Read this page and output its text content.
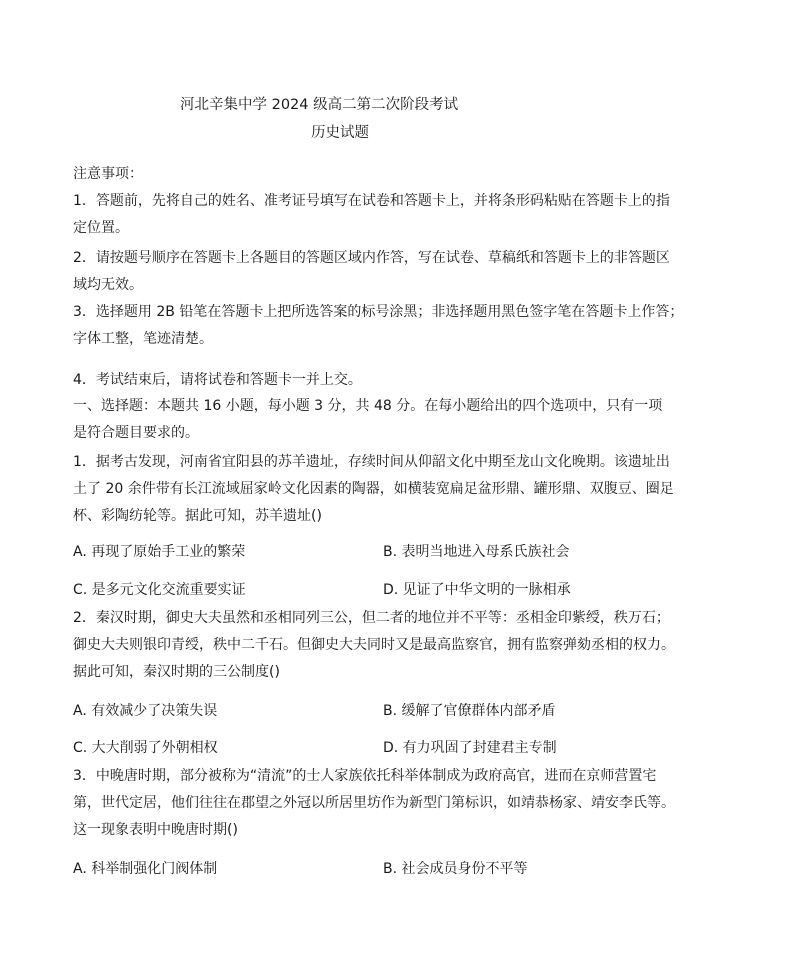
河北辛集中学 2024 级高二第二次阶段考试
历史试题
注意事项：
1．答题前，先将自己的姓名、准考证号填写在试卷和答题卡上，并将条形码粘贴在答题卡上的指
定位置。
2．请按题号顺序在答题卡上各题目的答题区域内作答，写在试卷、草稿纸和答题卡上的非答题区
域均无效。
3．选择题用 2B 铅笔在答题卡上把所选答案的标号涂黑；非选择题用黑色签字笔在答题卡上作答；
字体工整，笔迹清楚。
4．考试结束后，请将试卷和答题卡一并上交。
一、选择题：本题共 16 小题，每小题 3 分，共 48 分。在每小题给出的四个选项中，只有一项
是符合题目要求的。
1．据考古发现，河南省宜阳县的苏羊遗址，存续时间从仰韶文化中期至龙山文化晚期。该遗址出
土了 20 余件带有长江流域屈家岭文化因素的陶器，如横装宽扁足盆形鼎、罐形鼎、双腹豆、圈足
杯、彩陶纺轮等。据此可知，苏羊遗址()
A. 再现了原始手工业的繁荣	B. 表明当地进入母系氏族社会
C. 是多元文化交流重要实证	D. 见证了中华文明的一脉相承
2．秦汉时期，御史大夫虽然和丞相同列三公，但二者的地位并不平等：丞相金印紫绶，秩万石；
御史大夫则银印青绶，秩中二千石。但御史大夫同时又是最高监察官，拥有监察弹劾丞相的权力。
据此可知，秦汉时期的三公制度()
A. 有效减少了决策失误	B. 缓解了官僚群体内部矛盾
C. 大大削弱了外朝相权	D. 有力巩固了封建君主专制
3．中晚唐时期，部分被称为“清流”的士人家族依托科举体制成为政府高官，进而在京师营置宅
第，世代定居，他们往往在郡望之外冠以所居里坊作为新型门第标识，如靖恭杨家、靖安李氏等。
这一现象表明中晚唐时期()
A. 科举制强化门阀体制	B. 社会成员身份不平等
